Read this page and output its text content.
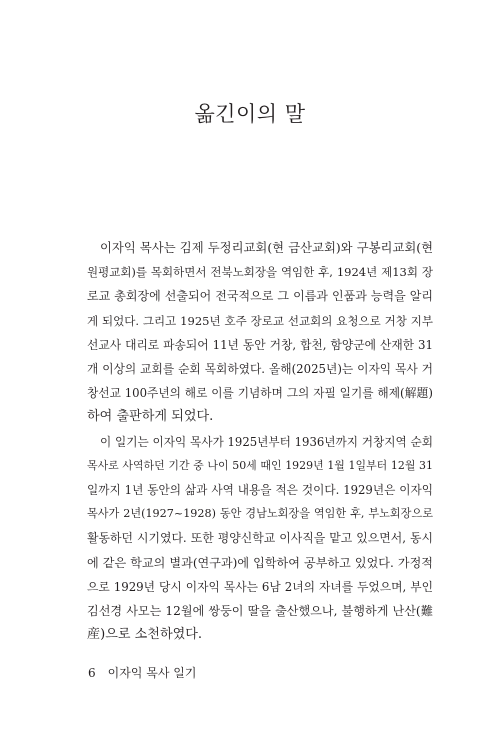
옮긴이의 말
이자익 목사는 김제 두정리교회(현 금산교회)와 구봉리교회(현
원평교회)를 목회하면서 전북노회장을 역임한 후, 1924년 제13회 장
로교 총회장에 선출되어 전국적으로 그 이름과 인품과 능력을 알리
게 되었다. 그리고 1925년 호주 장로교 선교회의 요청으로 거창 지부
선교사 대리로 파송되어 11년 동안 거창, 합천, 함양군에 산재한 31
개 이상의 교회를 순회 목회하였다. 올해(2025년)는 이자익 목사 거
창선교 100주년의 해로 이를 기념하며 그의 자필 일기를 해제(解題)
하여 출판하게 되었다.
이 일기는 이자익 목사가 1925년부터 1936년까지 거창지역 순회
목사로 사역하던 기간 중 나이 50세 때인 1929년 1월 1일부터 12월 31
일까지 1년 동안의 삶과 사역 내용을 적은 것이다. 1929년은 이자익
목사가 2년(1927~1928) 동안 경남노회장을 역임한 후, 부노회장으로
활동하던 시기였다. 또한 평양신학교 이사직을 맡고 있으면서, 동시
에 같은 학교의 별과(연구과)에 입학하여 공부하고 있었다. 가정적
으로 1929년 당시 이자익 목사는 6남 2녀의 자녀를 두었으며, 부인
김선경 사모는 12월에 쌍둥이 딸을 출산했으나, 불행하게 난산(難
産)으로 소천하였다.
6 이자익 목사 일기
